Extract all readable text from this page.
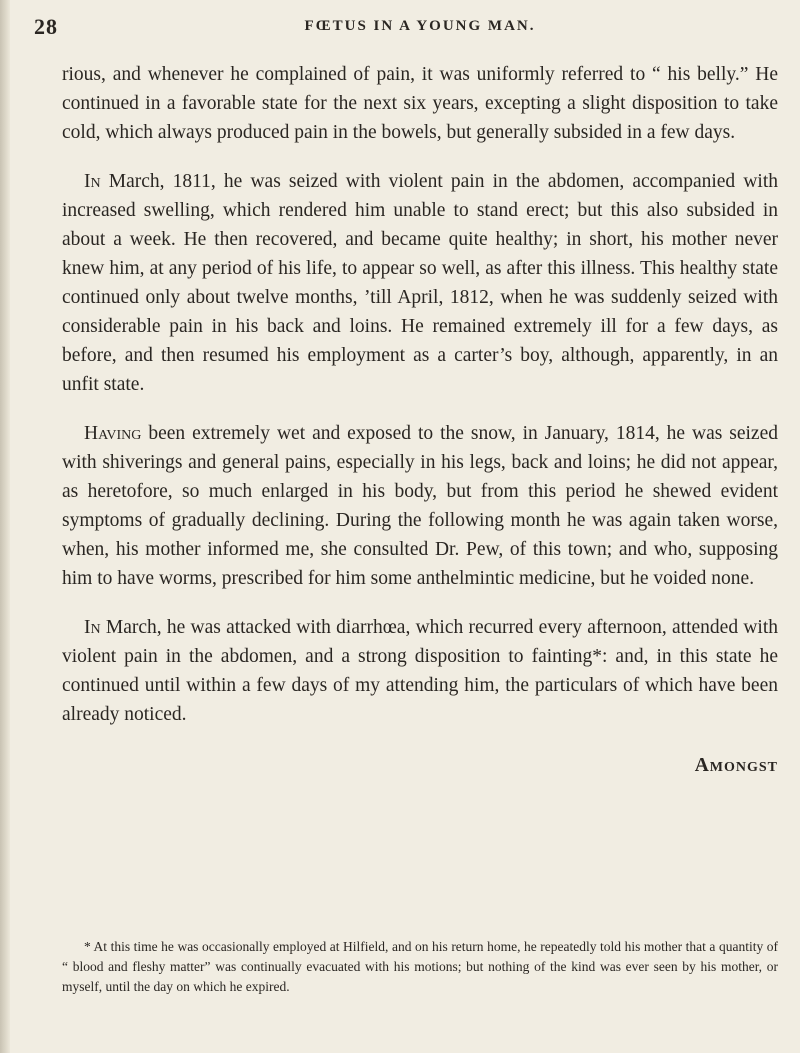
28	FŒTUS IN A YOUNG MAN.

rious, and whenever he complained of pain, it was uniformly referred to “ his belly.” He continued in a favorable state for the next six years, excepting a slight disposition to take cold, which always produced pain in the bowels, but generally subsided in a few days.

In March, 1811, he was seized with violent pain in the abdomen, accompanied with increased swelling, which rendered him unable to stand erect; but this also subsided in about a week. He then recovered, and became quite healthy; in short, his mother never knew him, at any period of his life, to appear so well, as after this illness. This healthy state continued only about twelve months, ’till April, 1812, when he was suddenly seized with considerable pain in his back and loins. He remained extremely ill for a few days, as before, and then resumed his employment as a carter’s boy, although, apparently, in an unfit state.

Having been extremely wet and exposed to the snow, in January, 1814, he was seized with shiverings and general pains, especially in his legs, back and loins; he did not appear, as heretofore, so much enlarged in his body, but from this period he shewed evident symptoms of gradually declining. During the following month he was again taken worse, when, his mother informed me, she consulted Dr. Pew, of this town; and who, supposing him to have worms, prescribed for him some anthelmintic medicine, but he voided none.

In March, he was attacked with diarrhœa, which recurred every afternoon, attended with violent pain in the abdomen, and a strong disposition to fainting*: and, in this state he continued until within a few days of my attending him, the particulars of which have been already noticed.

Amongst

* At this time he was occasionally employed at Hilfield, and on his return home, he repeatedly told his mother that a quantity of “ blood and fleshy matter” was continually evacuated with his motions; but nothing of the kind was ever seen by his mother, or myself, until the day on which he expired.
